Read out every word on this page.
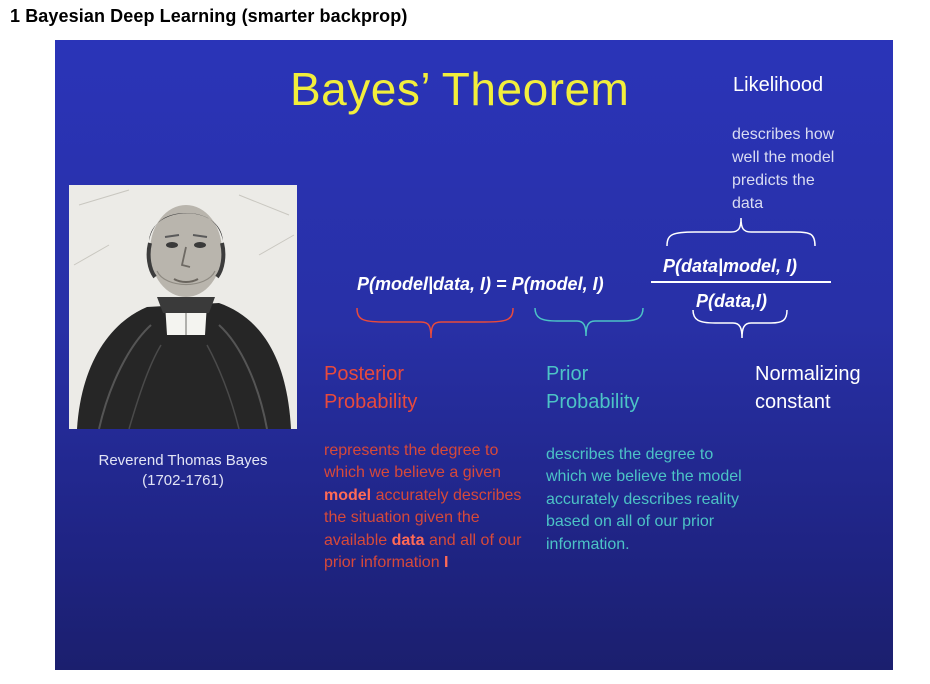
1 Bayesian Deep Learning (smarter backprop)
Bayes’ Theorem	Likelihood
describes how
well the model
predicts the
data
Reverend Thomas Bayes
(1702-1761)
P(model|data, I) = P(model, I)
P(data|model, I)
P(data,I)
Posterior
Probability
Prior
Probability
Normalizing
constant
represents the degree to which we believe a given model accurately describes the situation given the available data and all of our prior information I
describes the degree to which we believe the model accurately describes reality based on all of our prior information.
